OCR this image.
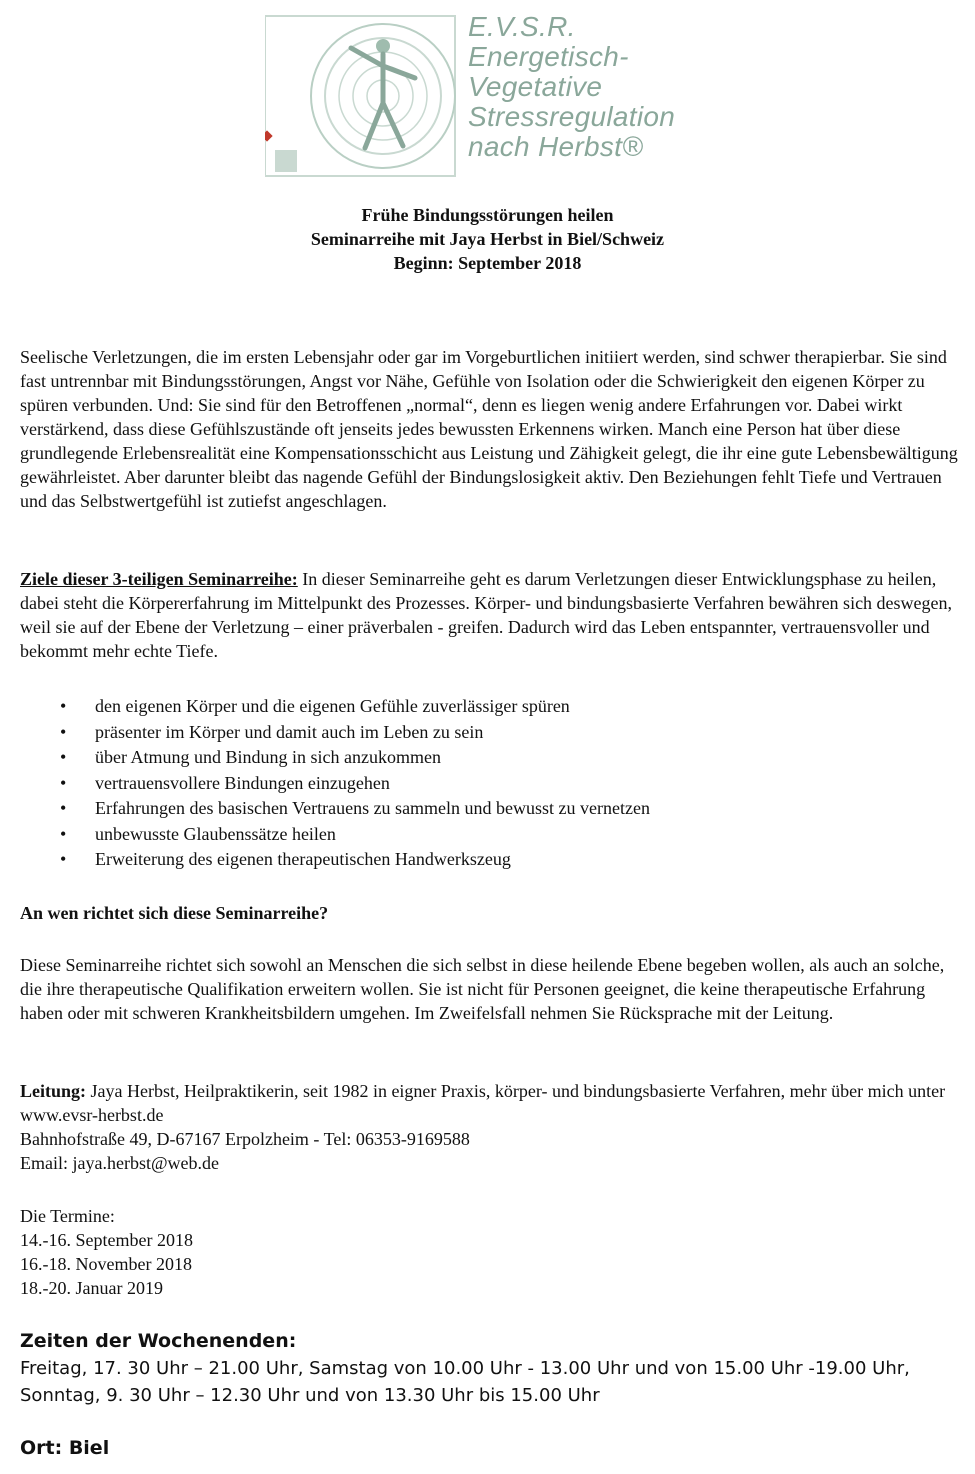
E.V.S.R.
Energetisch-
Vegetative
Stressregulation
nach Herbst®
Frühe Bindungsstörungen heilen
Seminarreihe mit Jaya Herbst in Biel/Schweiz
Beginn: September 2018
Seelische Verletzungen, die im ersten Lebensjahr oder gar im Vorgeburtlichen initiiert werden, sind schwer therapierbar. Sie sind fast untrennbar mit Bindungsstörungen, Angst vor Nähe, Gefühle von Isolation oder die Schwierigkeit den eigenen Körper zu spüren verbunden. Und: Sie sind für den Betroffenen „normal“, denn es liegen wenig andere Erfahrungen vor. Dabei wirkt verstärkend, dass diese Gefühlszustände oft jenseits jedes bewussten Erkennens wirken. Manch eine Person hat über diese grundlegende Erlebensrealität eine Kompensationsschicht aus Leistung und Zähigkeit gelegt, die ihr eine gute Lebensbewältigung gewährleistet. Aber darunter bleibt das nagende Gefühl der Bindungslosigkeit aktiv. Den Beziehungen fehlt Tiefe und Vertrauen und das Selbstwertgefühl ist zutiefst angeschlagen.
Ziele dieser 3-teiligen Seminarreihe: In dieser Seminarreihe geht es darum Verletzungen dieser Entwicklungsphase zu heilen, dabei steht die Körpererfahrung im Mittelpunkt des Prozesses. Körper- und bindungsbasierte Verfahren bewähren sich deswegen, weil sie auf der Ebene der Verletzung – einer präverbalen - greifen. Dadurch wird das Leben entspannter, vertrauensvoller und bekommt mehr echte Tiefe.
• den eigenen Körper und die eigenen Gefühle zuverlässiger spüren
• präsenter im Körper und damit auch im Leben zu sein
• über Atmung und Bindung in sich anzukommen
• vertrauensvollere Bindungen einzugehen
• Erfahrungen des basischen Vertrauens zu sammeln und bewusst zu vernetzen
• unbewusste Glaubenssätze heilen
• Erweiterung des eigenen therapeutischen Handwerkszeug
An wen richtet sich diese Seminarreihe?
Diese Seminarreihe richtet sich sowohl an Menschen die sich selbst in diese heilende Ebene begeben wollen, als auch an solche, die ihre therapeutische Qualifikation erweitern wollen. Sie ist nicht für Personen geeignet, die keine therapeutische Erfahrung haben oder mit schweren Krankheitsbildern umgehen. Im Zweifelsfall nehmen Sie Rücksprache mit der Leitung.
Leitung: Jaya Herbst, Heilpraktikerin, seit 1982 in eigner Praxis, körper- und bindungsbasierte Verfahren, mehr über mich unter www.evsr-herbst.de
Bahnhofstraße 49, D-67167 Erpolzheim - Tel: 06353-9169588
Email: jaya.herbst@web.de
Die Termine:
14.-16. September 2018
16.-18. November 2018
18.-20. Januar 2019
Zeiten der Wochenenden:
Freitag, 17. 30 Uhr – 21.00 Uhr, Samstag von 10.00 Uhr - 13.00 Uhr und von 15.00 Uhr -19.00 Uhr, Sonntag, 9. 30 Uhr – 12.30 Uhr und von 13.30 Uhr bis 15.00 Uhr
Ort: Biel
